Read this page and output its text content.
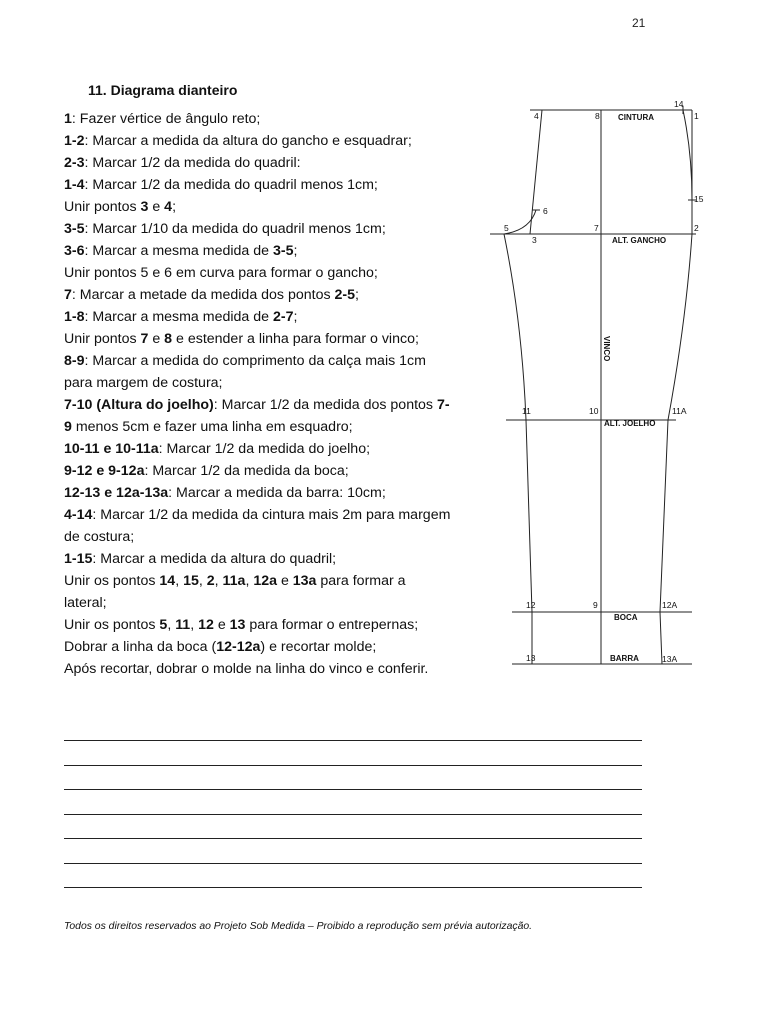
21
11. Diagrama dianteiro
1: Fazer vértice de ângulo reto;
1-2: Marcar a medida da altura do gancho e esquadrar;
2-3: Marcar 1/2 da medida do quadril:
1-4: Marcar 1/2 da medida do quadril menos 1cm;
Unir pontos 3 e 4;
3-5: Marcar 1/10 da medida do quadril menos 1cm;
3-6: Marcar a mesma medida de 3-5;
Unir pontos 5 e 6 em curva para formar o gancho;
7: Marcar a metade da medida dos pontos 2-5;
1-8: Marcar a mesma medida de 2-7;
Unir pontos 7 e 8 e estender a linha para formar o vinco;
8-9: Marcar a medida do comprimento da calça mais 1cm
para margem de costura;
7-10 (Altura do joelho): Marcar 1/2 da medida dos pontos 7-
9 menos 5cm e fazer uma linha em esquadro;
10-11 e 10-11a: Marcar 1/2 da medida do joelho;
9-12 e 9-12a: Marcar 1/2 da medida da boca;
12-13 e 12a-13a: Marcar a medida da barra: 10cm;
4-14: Marcar 1/2 da medida da cintura mais 2m para margem
de costura;
1-15: Marcar a medida da altura do quadril;
Unir os pontos 14, 15, 2, 11a, 12a e 13a para formar a
lateral;
Unir os pontos 5, 11, 12 e 13 para formar o entrepernas;
Dobrar a linha da boca (12-12a) e recortar molde;
Após recortar, dobrar o molde na linha do vinco e conferir.
4	8 CINTURA
14
1
15
6
5	7	2
3	ALT. GANCHO
VINCO
11	10	11A
ALT. JOELHO
12	9	12A
BOCA
13	BARRA	13A
Todos os direitos reservados ao Projeto Sob Medida – Proibido a reprodução sem prévia autorização.
